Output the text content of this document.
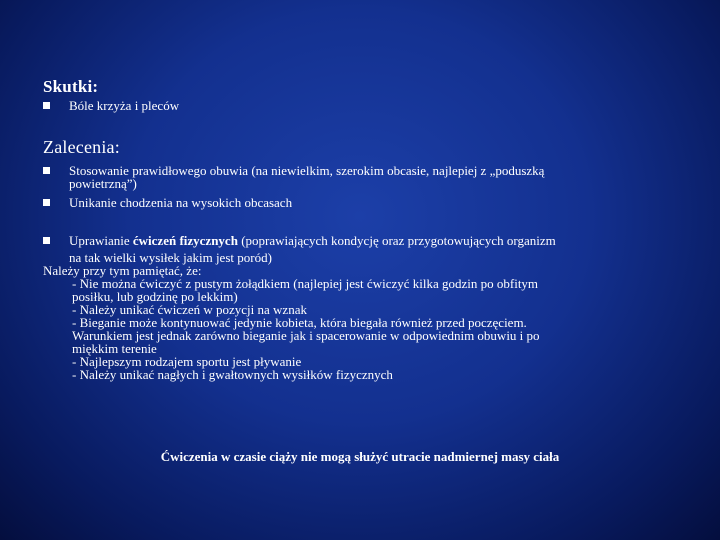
Skutki:
Bóle krzyża i pleców
Zalecenia:
Stosowanie prawidłowego obuwia (na niewielkim, szerokim obcasie, najlepiej z „poduszką
powietrzną”)
Unikanie chodzenia na wysokich obcasach
Uprawianie ćwiczeń fizycznych (poprawiających kondycję oraz przygotowujących organizm
na tak wielki wysiłek jakim jest poród)
Należy przy tym pamiętać, że:
- Nie można ćwiczyć z pustym żołądkiem (najlepiej jest ćwiczyć kilka godzin po obfitym
posiłku, lub godzinę po lekkim)
- Należy unikać ćwiczeń w pozycji na wznak
- Bieganie może kontynuować jedynie kobieta, która biegała również przed poczęciem.
Warunkiem jest jednak zarówno bieganie jak i spacerowanie w odpowiednim obuwiu i po
miękkim terenie
- Najlepszym rodzajem sportu jest pływanie
- Należy unikać nagłych i gwałtownych wysiłków fizycznych
Ćwiczenia w czasie ciąży nie mogą służyć utracie nadmiernej masy ciała
